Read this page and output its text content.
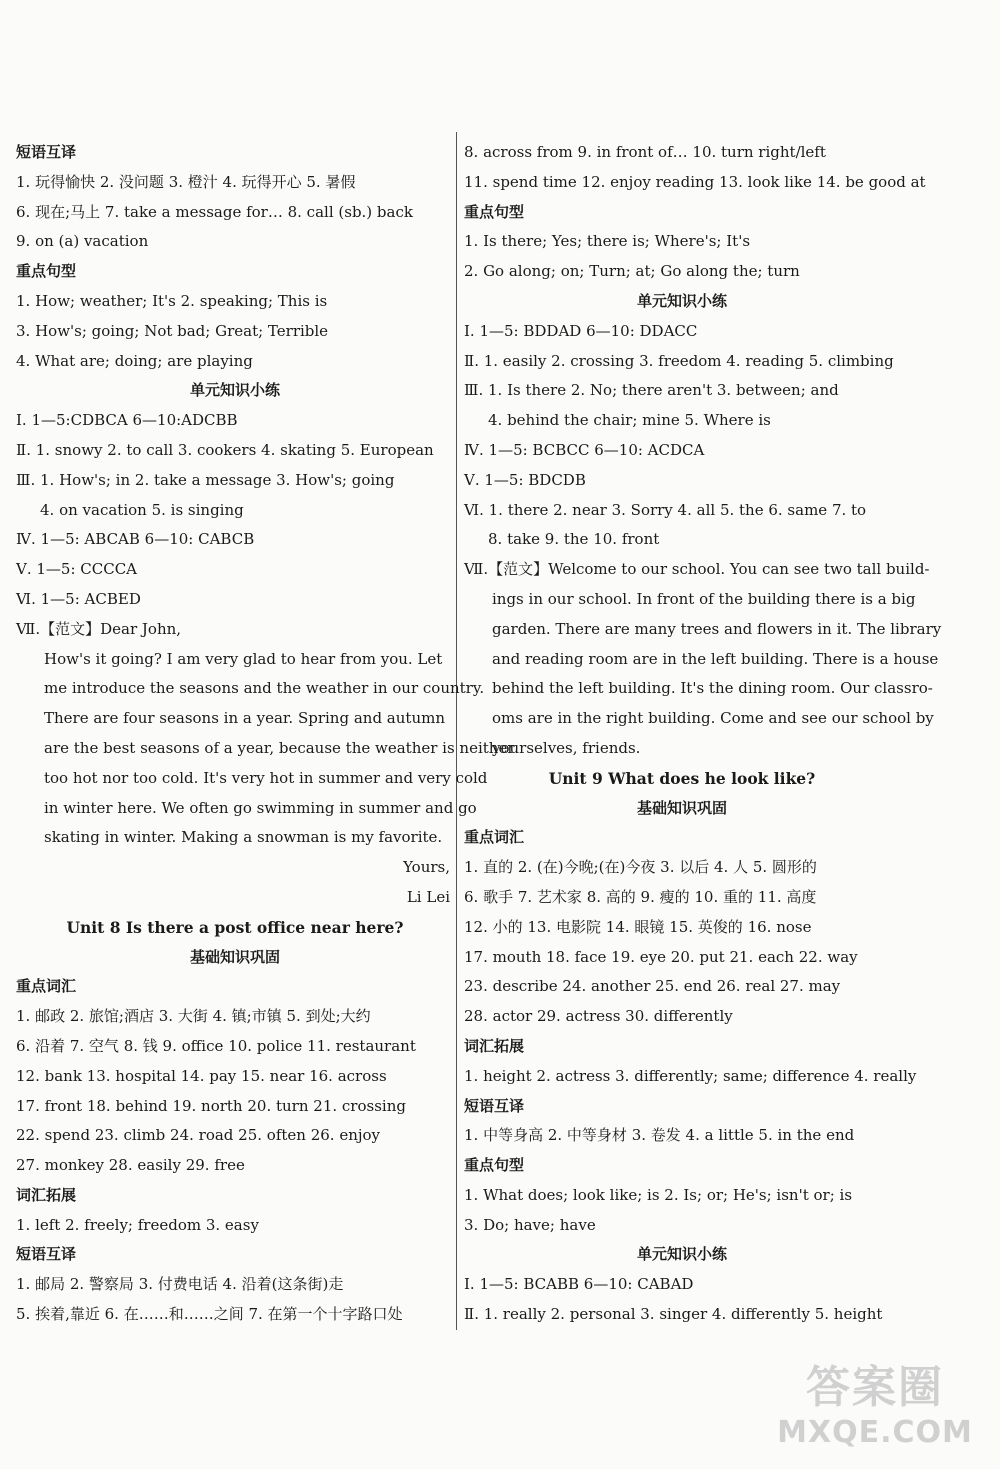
短语互译
1. 玩得愉快 2. 没问题 3. 橙汁 4. 玩得开心 5. 暑假
6. 现在;马上 7. take a message for… 8. call (sb.) back
9. on (a) vacation
重点句型
1. How; weather; It's 2. speaking; This is
3. How's; going; Not bad; Great; Terrible
4. What are; doing; are playing
单元知识小练
Ⅰ. 1—5:CDBCA 6—10:ADCBB
Ⅱ. 1. snowy 2. to call 3. cookers 4. skating 5. European
Ⅲ. 1. How's; in 2. take a message 3. How's; going
4. on vacation 5. is singing
Ⅳ. 1—5: ABCAB 6—10: CABCB
Ⅴ. 1—5: CCCCA
Ⅵ. 1—5: ACBED
Ⅶ.【范文】Dear John,
How's it going? I am very glad to hear from you. Let
me introduce the seasons and the weather in our country.
There are four seasons in a year. Spring and autumn
are the best seasons of a year, because the weather is neither
too hot nor too cold. It's very hot in summer and very cold
in winter here. We often go swimming in summer and go
skating in winter. Making a snowman is my favorite.
Yours,
Li Lei
Unit 8 Is there a post office near here?
基础知识巩固
重点词汇
1. 邮政 2. 旅馆;酒店 3. 大街 4. 镇;市镇 5. 到处;大约
6. 沿着 7. 空气 8. 钱 9. office 10. police 11. restaurant
12. bank 13. hospital 14. pay 15. near 16. across
17. front 18. behind 19. north 20. turn 21. crossing
22. spend 23. climb 24. road 25. often 26. enjoy
27. monkey 28. easily 29. free
词汇拓展
1. left 2. freely; freedom 3. easy
短语互译
1. 邮局 2. 警察局 3. 付费电话 4. 沿着(这条街)走
5. 挨着,靠近 6. 在……和……之间 7. 在第一个十字路口处
8. across from 9. in front of… 10. turn right/left
11. spend time 12. enjoy reading 13. look like 14. be good at
重点句型
1. Is there; Yes; there is; Where's; It's
2. Go along; on; Turn; at; Go along the; turn
单元知识小练
Ⅰ. 1—5: BDDAD 6—10: DDACC
Ⅱ. 1. easily 2. crossing 3. freedom 4. reading 5. climbing
Ⅲ. 1. Is there 2. No; there aren't 3. between; and
4. behind the chair; mine 5. Where is
Ⅳ. 1—5: BCBCC 6—10: ACDCA
Ⅴ. 1—5: BDCDB
Ⅵ. 1. there 2. near 3. Sorry 4. all 5. the 6. same 7. to
8. take 9. the 10. front
Ⅶ.【范文】Welcome to our school. You can see two tall build-
ings in our school. In front of the building there is a big
garden. There are many trees and flowers in it. The library
and reading room are in the left building. There is a house
behind the left building. It's the dining room. Our classro-
oms are in the right building. Come and see our school by
yourselves, friends.
Unit 9 What does he look like?
基础知识巩固
重点词汇
1. 直的 2. (在)今晚;(在)今夜 3. 以后 4. 人 5. 圆形的
6. 歌手 7. 艺术家 8. 高的 9. 瘦的 10. 重的 11. 高度
12. 小的 13. 电影院 14. 眼镜 15. 英俊的 16. nose
17. mouth 18. face 19. eye 20. put 21. each 22. way
23. describe 24. another 25. end 26. real 27. may
28. actor 29. actress 30. differently
词汇拓展
1. height 2. actress 3. differently; same; difference 4. really
短语互译
1. 中等身高 2. 中等身材 3. 卷发 4. a little 5. in the end
重点句型
1. What does; look like; is 2. Is; or; He's; isn't or; is
3. Do; have; have
单元知识小练
Ⅰ. 1—5: BCABB 6—10: CABAD
Ⅱ. 1. really 2. personal 3. singer 4. differently 5. height
答案圈
MXQE.COM
